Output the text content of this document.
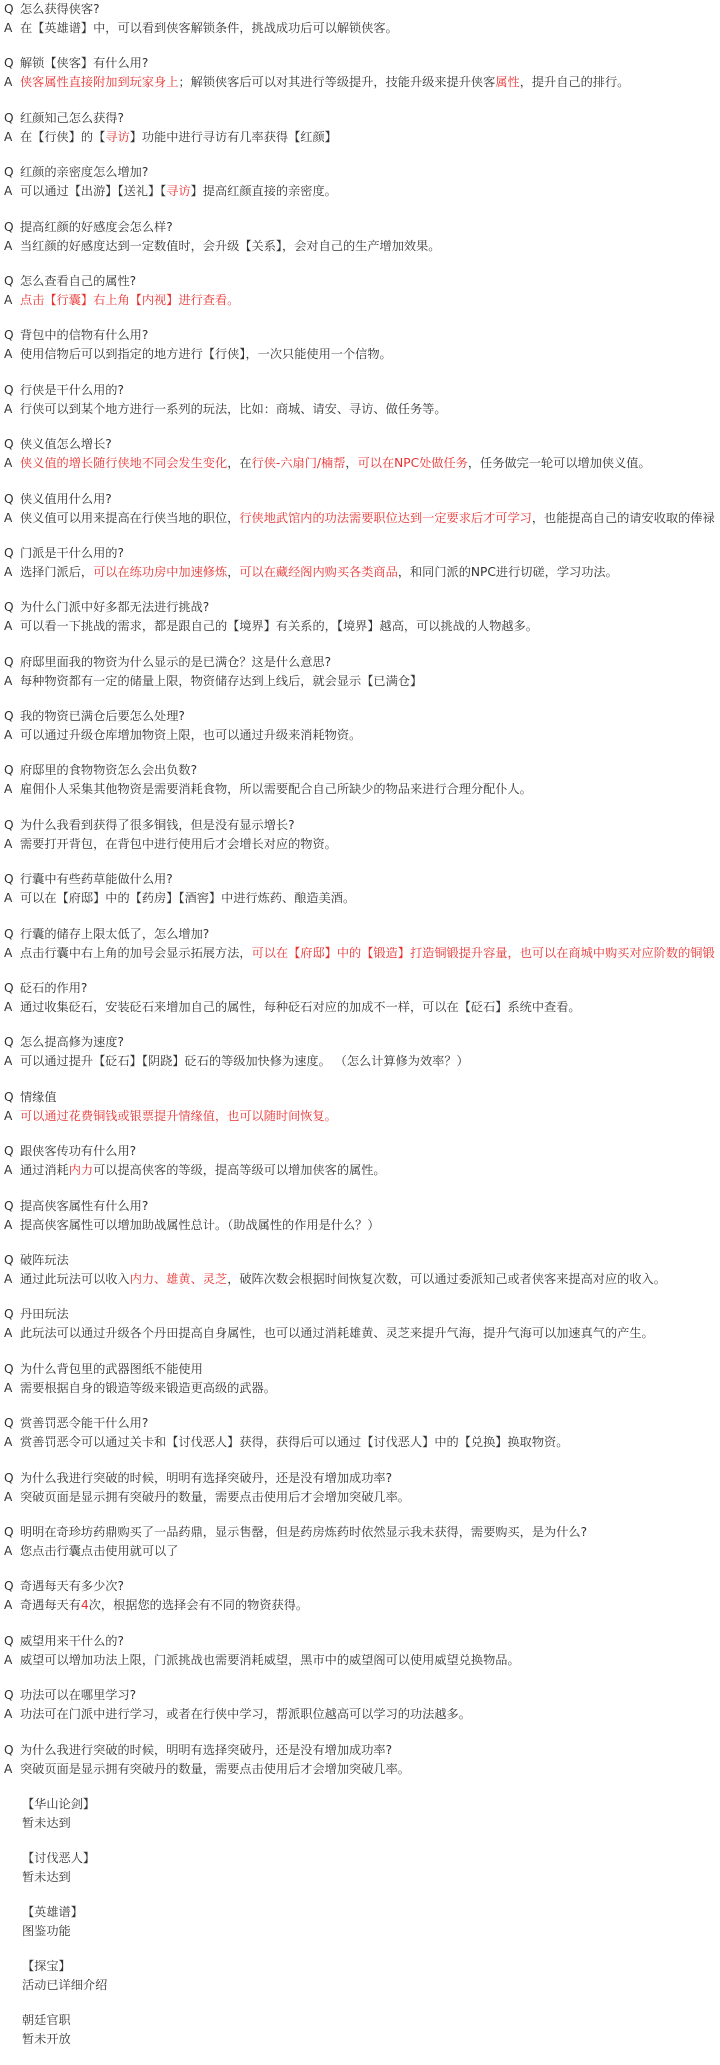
Q 怎么获得侠客?
A 在【英雄谱】中，可以看到侠客解锁条件，挑战成功后可以解锁侠客。
Q 解锁【侠客】有什么用?
A 侠客属性直接附加到玩家身上；解锁侠客后可以对其进行等级提升，技能升级来提升侠客属性，提升自己的排行。
Q 红颜知己怎么获得?
A 在【行侠】的【寻访】功能中进行寻访有几率获得【红颜】
Q 红颜的亲密度怎么增加?
A 可以通过【出游】【送礼】【寻访】提高红颜直接的亲密度。
Q 提高红颜的好感度会怎么样?
A 当红颜的好感度达到一定数值时，会升级【关系】，会对自己的生产增加效果。
Q 怎么查看自己的属性?
A 点击【行囊】右上角【内视】进行查看。
Q 背包中的信物有什么用?
A 使用信物后可以到指定的地方进行【行侠】，一次只能使用一个信物。
Q 行侠是干什么用的?
A 行侠可以到某个地方进行一系列的玩法，比如：商城、请安、寻访、做任务等。
Q 侠义值怎么增长?
A 侠义值的增长随行侠地不同会发生变化，在行侠-六扇门/楠帮，可以在NPC处做任务，任务做完一轮可以增加侠义值。
Q 侠义值用什么用?
A 侠义值可以用来提高在行侠当地的职位，行侠地武馆内的功法需要职位达到一定要求后才可学习，也能提高自己的请安收取的俸禄
Q 门派是干什么用的?
A 选择门派后，可以在练功房中加速修炼，可以在藏经阁内购买各类商品，和同门派的NPC进行切磋，学习功法。
Q 为什么门派中好多都无法进行挑战?
A 可以看一下挑战的需求，都是跟自己的【境界】有关系的，【境界】越高，可以挑战的人物越多。
Q 府邸里面我的物资为什么显示的是已满仓？这是什么意思?
A 每种物资都有一定的储量上限，物资储存达到上线后，就会显示【已满仓】
Q 我的物资已满仓后要怎么处理?
A 可以通过升级仓库增加物资上限，也可以通过升级来消耗物资。
Q 府邸里的食物物资怎么会出负数?
A 雇佣仆人采集其他物资是需要消耗食物，所以需要配合自己所缺少的物品来进行合理分配仆人。
Q 为什么我看到获得了很多铜钱，但是没有显示增长?
A 需要打开背包，在背包中进行使用后才会增长对应的物资。
Q 行囊中有些药草能做什么用?
A 可以在【府邸】中的【药房】【酒窖】中进行炼药、酿造美酒。
Q 行囊的储存上限太低了，怎么增加?
A 点击行囊中右上角的加号会显示拓展方法，可以在【府邸】中的【锻造】打造铜锻提升容量，也可以在商城中购买对应阶数的铜锻
Q 砭石的作用?
A 通过收集砭石，安装砭石来增加自己的属性，每种砭石对应的加成不一样，可以在【砭石】系统中查看。
Q 怎么提高修为速度?
A 可以通过提升【砭石】【阴跷】砭石的等级加快修为速度。 （怎么计算修为效率？）
Q 情缘值
A 可以通过花费铜钱或银票提升情缘值，也可以随时间恢复。
Q 跟侠客传功有什么用?
A 通过消耗内力可以提高侠客的等级，提高等级可以增加侠客的属性。
Q 提高侠客属性有什么用?
A 提高侠客属性可以增加助战属性总计。（助战属性的作用是什么？）
Q 破阵玩法
A 通过此玩法可以收入内力、雄黄、灵芝，破阵次数会根据时间恢复次数，可以通过委派知己或者侠客来提高对应的收入。
Q 丹田玩法
A 此玩法可以通过升级各个丹田提高自身属性，也可以通过消耗雄黄、灵芝来提升气海，提升气海可以加速真气的产生。
Q 为什么背包里的武器图纸不能使用
A 需要根据自身的锻造等级来锻造更高级的武器。
Q 赏善罚恶令能干什么用?
A 赏善罚恶令可以通过关卡和【讨伐恶人】获得，获得后可以通过【讨伐恶人】中的【兑换】换取物资。
Q 为什么我进行突破的时候，明明有选择突破丹，还是没有增加成功率?
A 突破页面是显示拥有突破丹的数量，需要点击使用后才会增加突破几率。
Q 明明在奇珍坊药鼎购买了一品药鼎，显示售罄，但是药房炼药时依然显示我未获得，需要购买，是为什么?
A 您点击行囊点击使用就可以了
Q 奇遇每天有多少次?
A 奇遇每天有4次，根据您的选择会有不同的物资获得。
Q 威望用来干什么的?
A 威望可以增加功法上限，门派挑战也需要消耗威望，黑市中的威望阁可以使用威望兑换物品。
Q 功法可以在哪里学习?
A 功法可在门派中进行学习，或者在行侠中学习，帮派职位越高可以学习的功法越多。
Q 为什么我进行突破的时候，明明有选择突破丹，还是没有增加成功率?
A 突破页面是显示拥有突破丹的数量，需要点击使用后才会增加突破几率。
【华山论剑】
暂未达到
【讨伐恶人】
暂未达到
【英雄谱】
图鉴功能
【探宝】
活动已详细介绍
朝廷官职
暂未开放
